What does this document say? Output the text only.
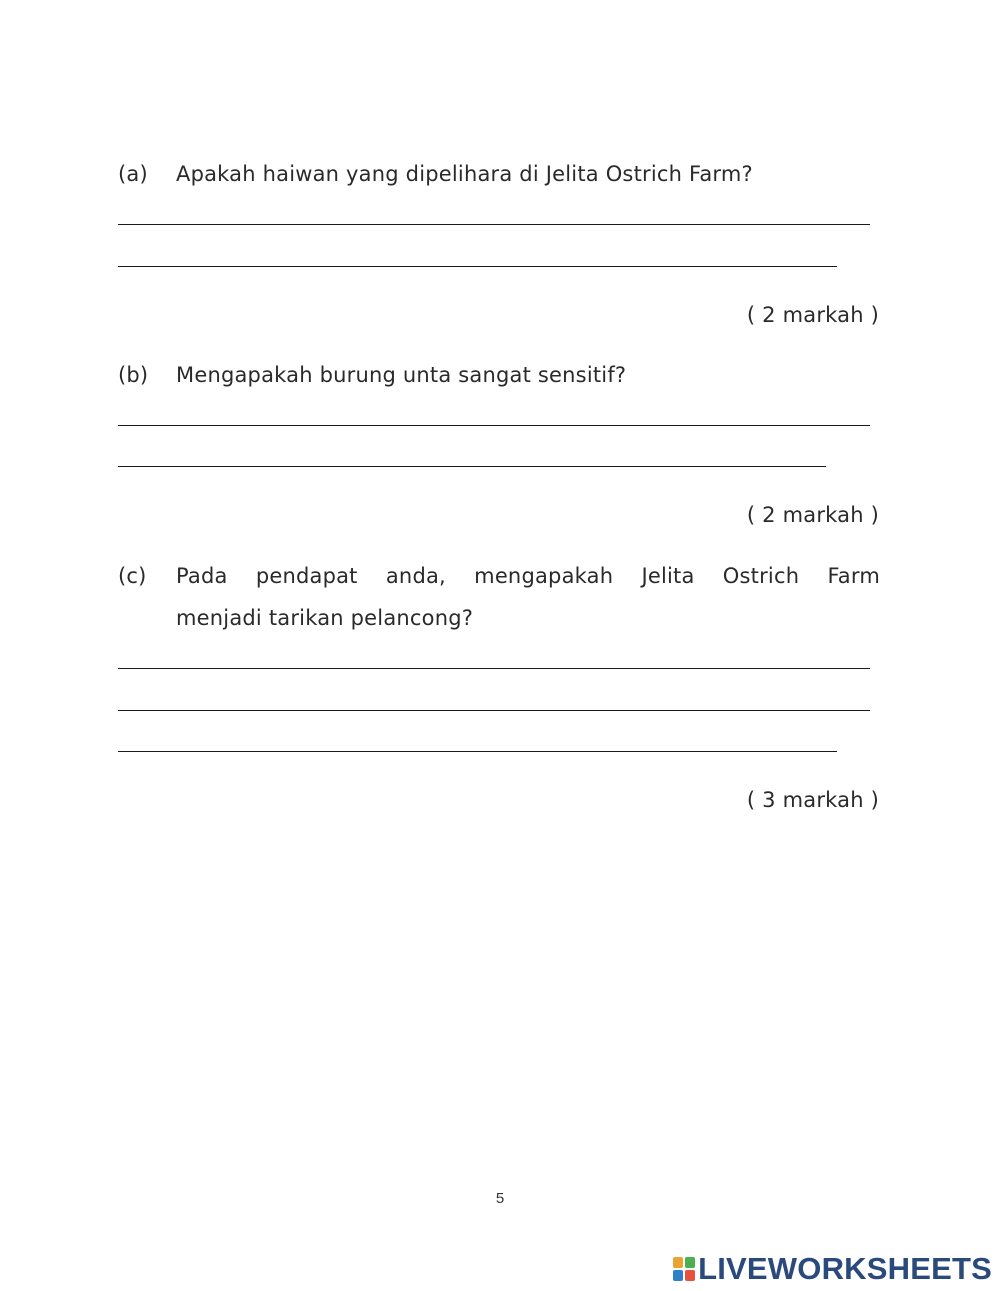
(a) Apakah haiwan yang dipelihara di Jelita Ostrich Farm?
( 2 markah )
(b) Mengapakah burung unta sangat sensitif?
( 2 markah )
(c) Pada pendapat anda, mengapakah Jelita Ostrich Farm
menjadi tarikan pelancong?
( 3 markah )
5
LIVEWORKSHEETS
